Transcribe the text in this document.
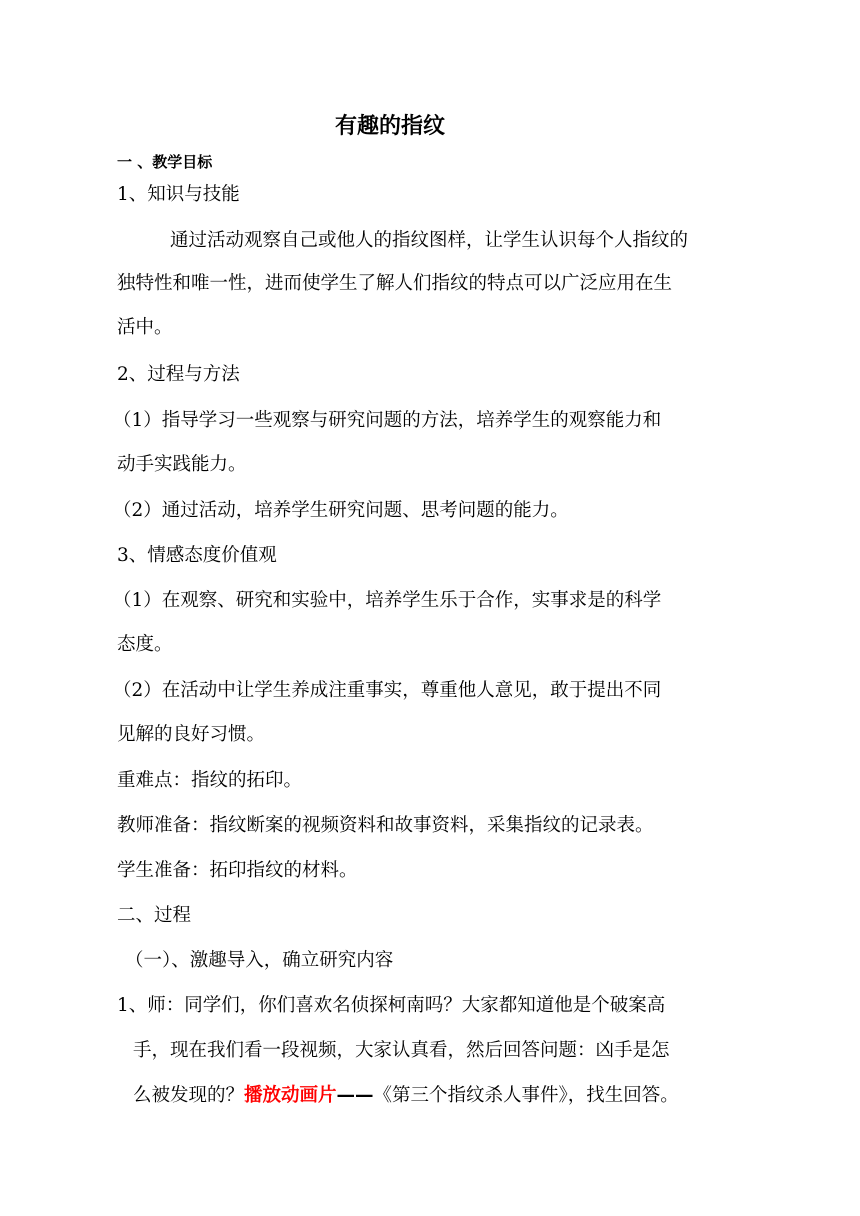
有趣的指纹
一 、教学目标
1、知识与技能
通过活动观察自己或他人的指纹图样，让学生认识每个人指纹的
独特性和唯一性，进而使学生了解人们指纹的特点可以广泛应用在生
活中。
2、过程与方法
（1）指导学习一些观察与研究问题的方法，培养学生的观察能力和
动手实践能力。
（2）通过活动，培养学生研究问题、思考问题的能力。
3、情感态度价值观
（1）在观察、研究和实验中，培养学生乐于合作，实事求是的科学
态度。
（2）在活动中让学生养成注重事实，尊重他人意见，敢于提出不同
见解的良好习惯。
重难点：指纹的拓印。
教师准备：指纹断案的视频资料和故事资料，采集指纹的记录表。
学生准备：拓印指纹的材料。
二、过程
（一）、激趣导入，确立研究内容
1、师：同学们，你们喜欢名侦探柯南吗？大家都知道他是个破案高
手，现在我们看一段视频，大家认真看，然后回答问题：凶手是怎
么被发现的？播放动画片——《第三个指纹杀人事件》，找生回答。
